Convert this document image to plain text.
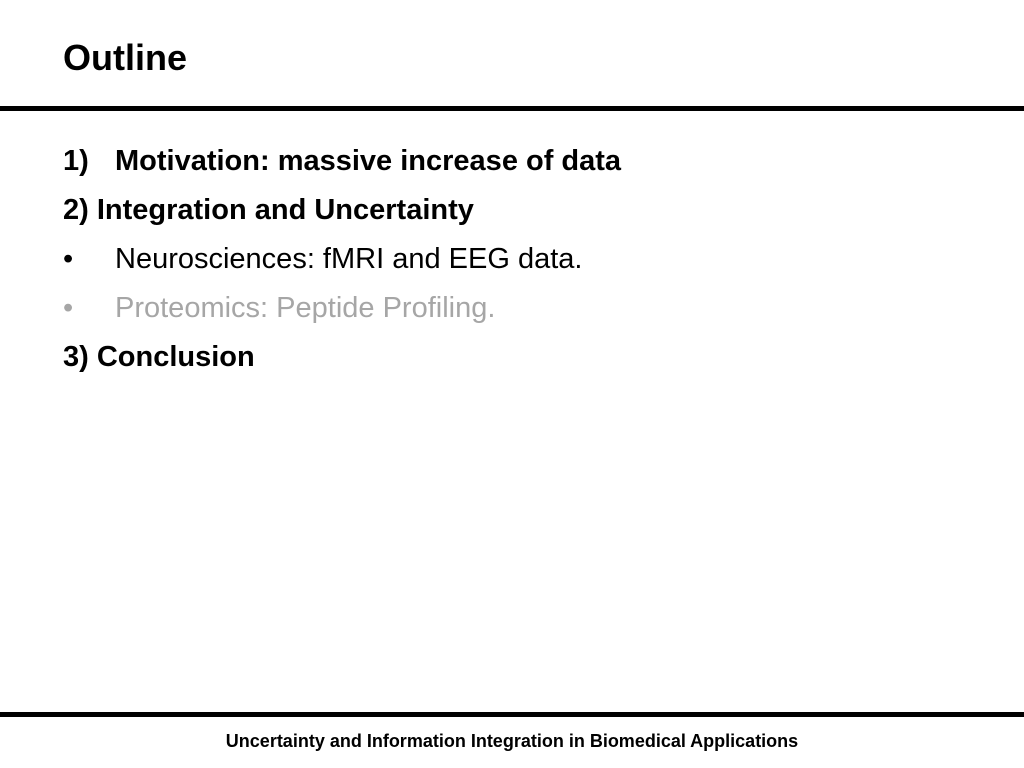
Outline
1) Motivation: massive increase of data
2) Integration and Uncertainty
• Neurosciences: fMRI and EEG data.
• Proteomics: Peptide Profiling.
3) Conclusion
Uncertainty and Information Integration in Biomedical Applications
